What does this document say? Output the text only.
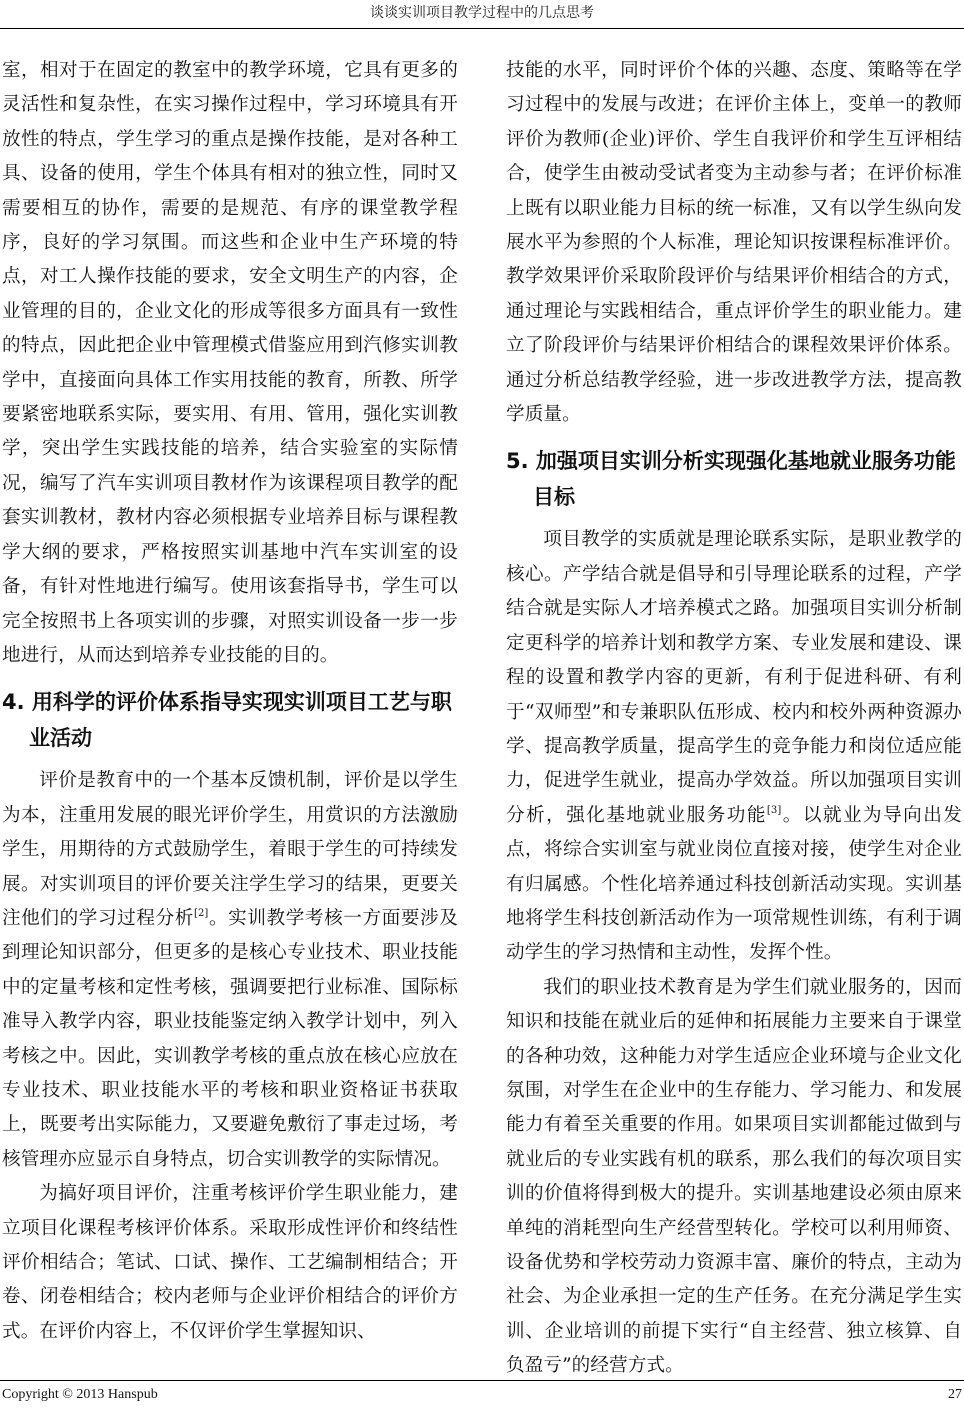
谈谈实训项目教学过程中的几点思考

室，相对于在固定的教室中的教学环境，它具有更多的灵活性和复杂性，在实习操作过程中，学习环境具有开放性的特点，学生学习的重点是操作技能，是对各种工具、设备的使用，学生个体具有相对的独立性，同时又需要相互的协作，需要的是规范、有序的课堂教学程序，良好的学习氛围。而这些和企业中生产环境的特点，对工人操作技能的要求，安全文明生产的内容，企业管理的目的，企业文化的形成等很多方面具有一致性的特点，因此把企业中管理模式借鉴应用到汽修实训教学中，直接面向具体工作实用技能的教育，所教、所学要紧密地联系实际，要实用、有用、管用，强化实训教学，突出学生实践技能的培养，结合实验室的实际情况，编写了汽车实训项目教材作为该课程项目教学的配套实训教材，教材内容必须根据专业培养目标与课程教学大纲的要求，严格按照实训基地中汽车实训室的设备，有针对性地进行编写。使用该套指导书，学生可以完全按照书上各项实训的步骤，对照实训设备一步一步地进行，从而达到培养专业技能的目的。

4. 用科学的评价体系指导实现实训项目工艺与职业活动

评价是教育中的一个基本反馈机制，评价是以学生为本，注重用发展的眼光评价学生，用赏识的方法激励学生，用期待的方式鼓励学生，着眼于学生的可持续发展。对实训项目的评价要关注学生学习的结果，更要关注他们的学习过程分析[2]。实训教学考核一方面要涉及到理论知识部分，但更多的是核心专业技术、职业技能中的定量考核和定性考核，强调要把行业标准、国际标准导入教学内容，职业技能鉴定纳入教学计划中，列入考核之中。因此，实训教学考核的重点放在核心应放在专业技术、职业技能水平的考核和职业资格证书获取上，既要考出实际能力，又要避免敷衍了事走过场，考核管理亦应显示自身特点，切合实训教学的实际情况。

为搞好项目评价，注重考核评价学生职业能力，建立项目化课程考核评价体系。采取形成性评价和终结性评价相结合；笔试、口试、操作、工艺编制相结合；开卷、闭卷相结合；校内老师与企业评价相结合的评价方式。在评价内容上，不仅评价学生掌握知识、

技能的水平，同时评价个体的兴趣、态度、策略等在学习过程中的发展与改进；在评价主体上，变单一的教师评价为教师(企业)评价、学生自我评价和学生互评相结合，使学生由被动受试者变为主动参与者；在评价标准上既有以职业能力目标的统一标准，又有以学生纵向发展水平为参照的个人标准，理论知识按课程标准评价。教学效果评价采取阶段评价与结果评价相结合的方式，通过理论与实践相结合，重点评价学生的职业能力。建立了阶段评价与结果评价相结合的课程效果评价体系。通过分析总结教学经验，进一步改进教学方法，提高教学质量。

5. 加强项目实训分析实现强化基地就业服务功能目标

项目教学的实质就是理论联系实际，是职业教学的核心。产学结合就是倡导和引导理论联系的过程，产学结合就是实际人才培养模式之路。加强项目实训分析制定更科学的培养计划和教学方案、专业发展和建设、课程的设置和教学内容的更新，有利于促进科研、有利于“双师型”和专兼职队伍形成、校内和校外两种资源办学、提高教学质量，提高学生的竞争能力和岗位适应能力，促进学生就业，提高办学效益。所以加强项目实训分析，强化基地就业服务功能[3]。以就业为导向出发点，将综合实训室与就业岗位直接对接，使学生对企业有归属感。个性化培养通过科技创新活动实现。实训基地将学生科技创新活动作为一项常规性训练，有利于调动学生的学习热情和主动性，发挥个性。

我们的职业技术教育是为学生们就业服务的，因而知识和技能在就业后的延伸和拓展能力主要来自于课堂的各种功效，这种能力对学生适应企业环境与企业文化氛围，对学生在企业中的生存能力、学习能力、和发展能力有着至关重要的作用。如果项目实训都能过做到与就业后的专业实践有机的联系，那么我们的每次项目实训的价值将得到极大的提升。实训基地建设必须由原来单纯的消耗型向生产经营型转化。学校可以利用师资、设备优势和学校劳动力资源丰富、廉价的特点，主动为社会、为企业承担一定的生产任务。在充分满足学生实训、企业培训的前提下实行“自主经营、独立核算、自负盈亏”的经营方式。

Copyright © 2013 Hanspub	27
